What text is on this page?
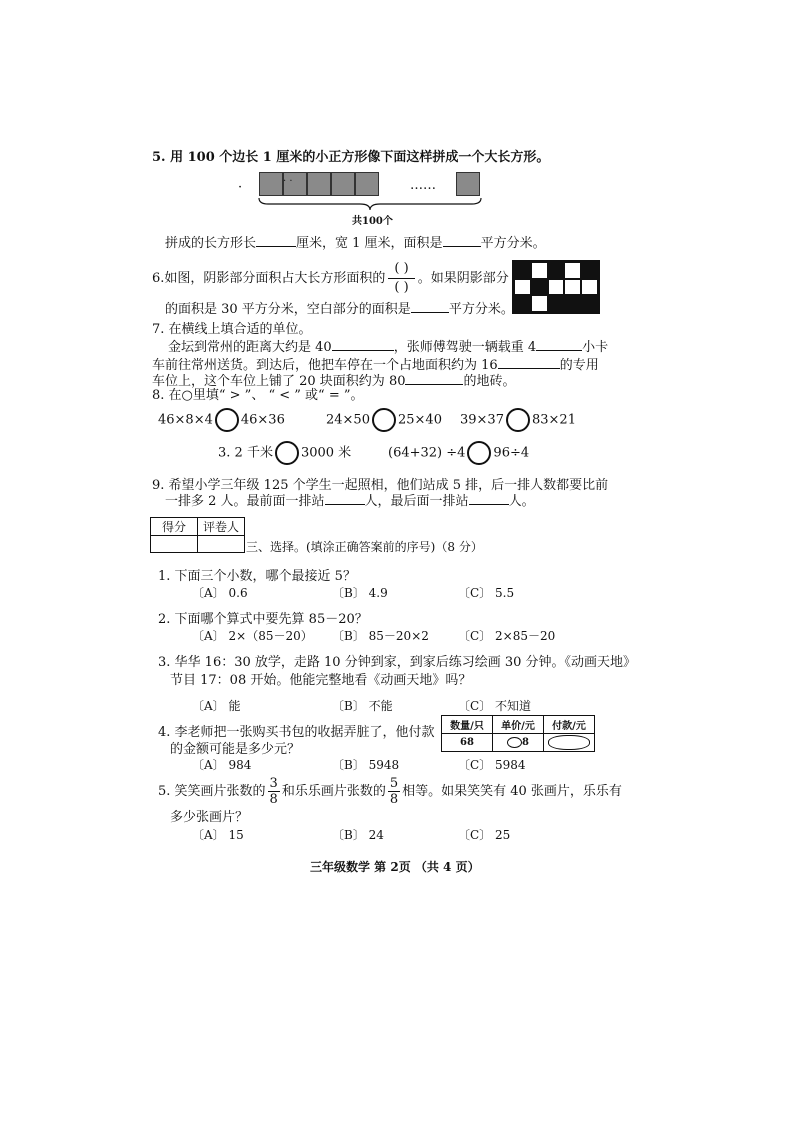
5. 用 100 个边长 1 厘米的小正方形像下面这样拼成一个大长方形。
·	· ·	……
共100个
拼成的长方形长	厘米，宽 1 厘米，面积是	平方分米。
6.如图，阴影部分面积占大长方形面积的 $\frac{( )}{( )}$ 。如果阴影部分
的面积是 30 平方分米，空白部分的面积是	平方分米。
7. 在横线上填合适的单位。
金坛到常州的距离大约是 40	，张师傅驾驶一辆载重 4	小卡
车前往常州送货。到达后，他把车停在一个占地面积约为 16	的专用
车位上，这个车位上铺了 20 块面积约为 80	的地砖。
8. 在○里填“ > ”、 “ < ” 或“ = ”。
46×8×4 46×36	24×50 25×40 39×37 83×21
3. 2 千米 3000 米	(64+32) ÷4 96÷4
9. 希望小学三年级 125 个学生一起照相，他们站成 5 排，后一排人数都要比前
一排多 2 人。最前面一排站	人，最后面一排站	人。
得分	评卷人

三、选择。(填涂正确答案前的序号)（8 分）
1. 下面三个小数，哪个最接近 5？
〔A〕 0.6	〔B〕 4.9	〔C〕 5.5
2. 下面哪个算式中要先算 85－20？
〔A〕 2×（85－20） 〔B〕 85－20×2 〔C〕 2×85－20
3. 华华 16：30 放学，走路 10 分钟到家，到家后练习绘画 30 分钟。《动画天地》
节目 17：08 开始。他能完整地看《动画天地》吗？
〔A〕 能	〔B〕 不能	〔C〕 不知道
4. 李老师把一张购买书包的收据弄脏了，他付款
的金额可能是多少元？
数量/只	单价/元	付款/元
68	8	
〔A〕 984	〔B〕 5948	〔C〕 5984
5. 笑笑画片张数的 $\frac{3}{8}$ 和乐乐画片张数的 $\frac{5}{8}$ 相等。如果笑笑有 40 张画片，乐乐有
多少张画片？
〔A〕 15	〔B〕 24	〔C〕 25
三年级数学 第 2页 （共 4 页）
